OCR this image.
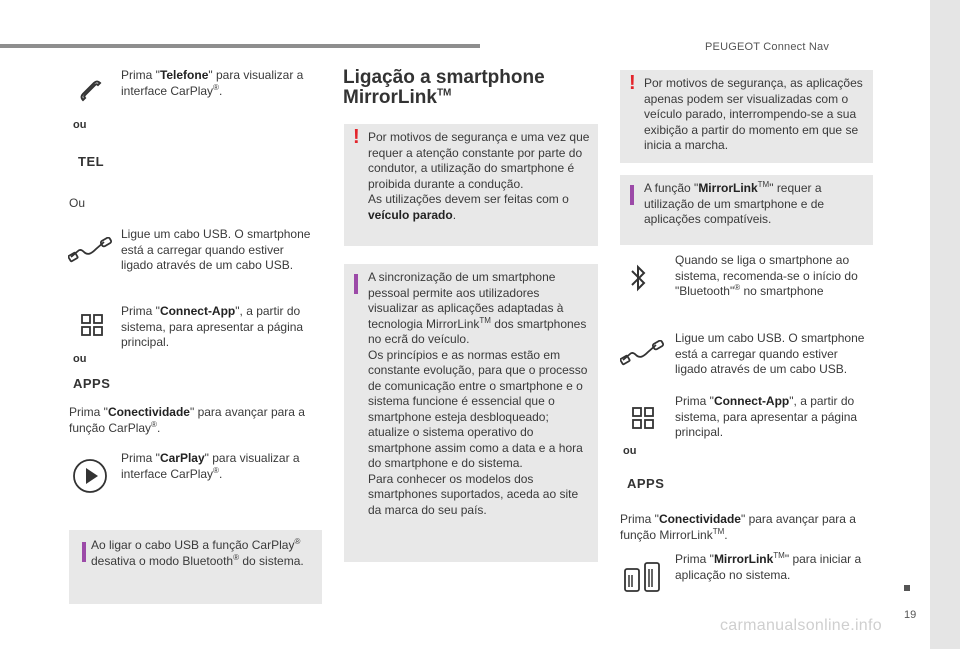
PEUGEOT Connect Nav
19
carmanualsonline.info
ou
TEL
Prima "Telefone" para visualizar a interface CarPlay®.
Ou
Ligue um cabo USB. O smartphone está a carregar quando estiver ligado através de um cabo USB.
ou
APPS
Prima "Connect-App", a partir do sistema, para apresentar a página principal.
Prima "Conectividade" para avançar para a função CarPlay®.
Prima "CarPlay" para visualizar a interface CarPlay®.
Ao ligar o cabo USB a função CarPlay® desativa o modo Bluetooth® do sistema.
Ligação a smartphone
MirrorLink™
! Por motivos de segurança e uma vez que requer a atenção constante por parte do condutor, a utilização do smartphone é proibida durante a condução.
As utilizações devem ser feitas com o veículo parado.
A sincronização de um smartphone pessoal permite aos utilizadores visualizar as aplicações adaptadas à tecnologia MirrorLink™ dos smartphones no ecrã do veículo.
Os princípios e as normas estão em constante evolução, para que o processo de comunicação entre o smartphone e o sistema funcione é essencial que o smartphone esteja desbloqueado; atualize o sistema operativo do smartphone assim como a data e a hora do smartphone e do sistema.
Para conhecer os modelos dos smartphones suportados, aceda ao site da marca do seu país.
! Por motivos de segurança, as aplicações apenas podem ser visualizadas com o veículo parado, interrompendo-se a sua exibição a partir do momento em que se inicia a marcha.
A função "MirrorLink™" requer a utilização de um smartphone e de aplicações compatíveis.
Quando se liga o smartphone ao sistema, recomenda-se o início do "Bluetooth"® no smartphone
Ligue um cabo USB. O smartphone está a carregar quando estiver ligado através de um cabo USB.
ou
APPS
Prima "Connect-App", a partir do sistema, para apresentar a página principal.
Prima "Conectividade" para avançar para a função MirrorLink™.
Prima "MirrorLink™" para iniciar a aplicação no sistema.
